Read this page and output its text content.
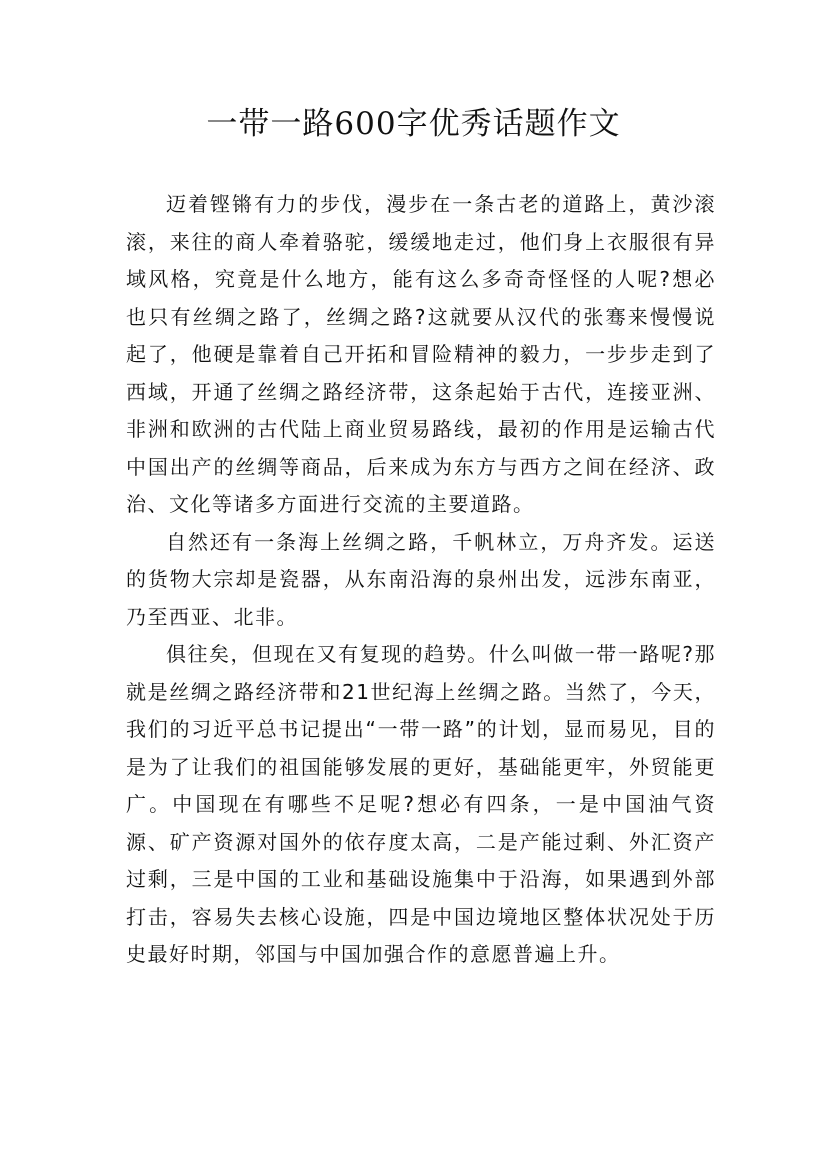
一带一路600字优秀话题作文

迈着铿锵有力的步伐，漫步在一条古老的道路上，黄沙滚滚，来往的商人牵着骆驼，缓缓地走过，他们身上衣服很有异域风格，究竟是什么地方，能有这么多奇奇怪怪的人呢?想必也只有丝绸之路了，丝绸之路?这就要从汉代的张骞来慢慢说起了，他硬是靠着自己开拓和冒险精神的毅力，一步步走到了西域，开通了丝绸之路经济带，这条起始于古代，连接亚洲、非洲和欧洲的古代陆上商业贸易路线，最初的作用是运输古代中国出产的丝绸等商品，后来成为东方与西方之间在经济、政治、文化等诸多方面进行交流的主要道路。

自然还有一条海上丝绸之路，千帆林立，万舟齐发。运送的货物大宗却是瓷器，从东南沿海的泉州出发，远涉东南亚，乃至西亚、北非。

俱往矣，但现在又有复现的趋势。什么叫做一带一路呢?那就是丝绸之路经济带和21世纪海上丝绸之路。当然了，今天，我们的习近平总书记提出“一带一路”的计划，显而易见，目的是为了让我们的祖国能够发展的更好，基础能更牢，外贸能更广。中国现在有哪些不足呢?想必有四条，一是中国油气资源、矿产资源对国外的依存度太高，二是产能过剩、外汇资产过剩，三是中国的工业和基础设施集中于沿海，如果遇到外部打击，容易失去核心设施，四是中国边境地区整体状况处于历史最好时期，邻国与中国加强合作的意愿普遍上升。
